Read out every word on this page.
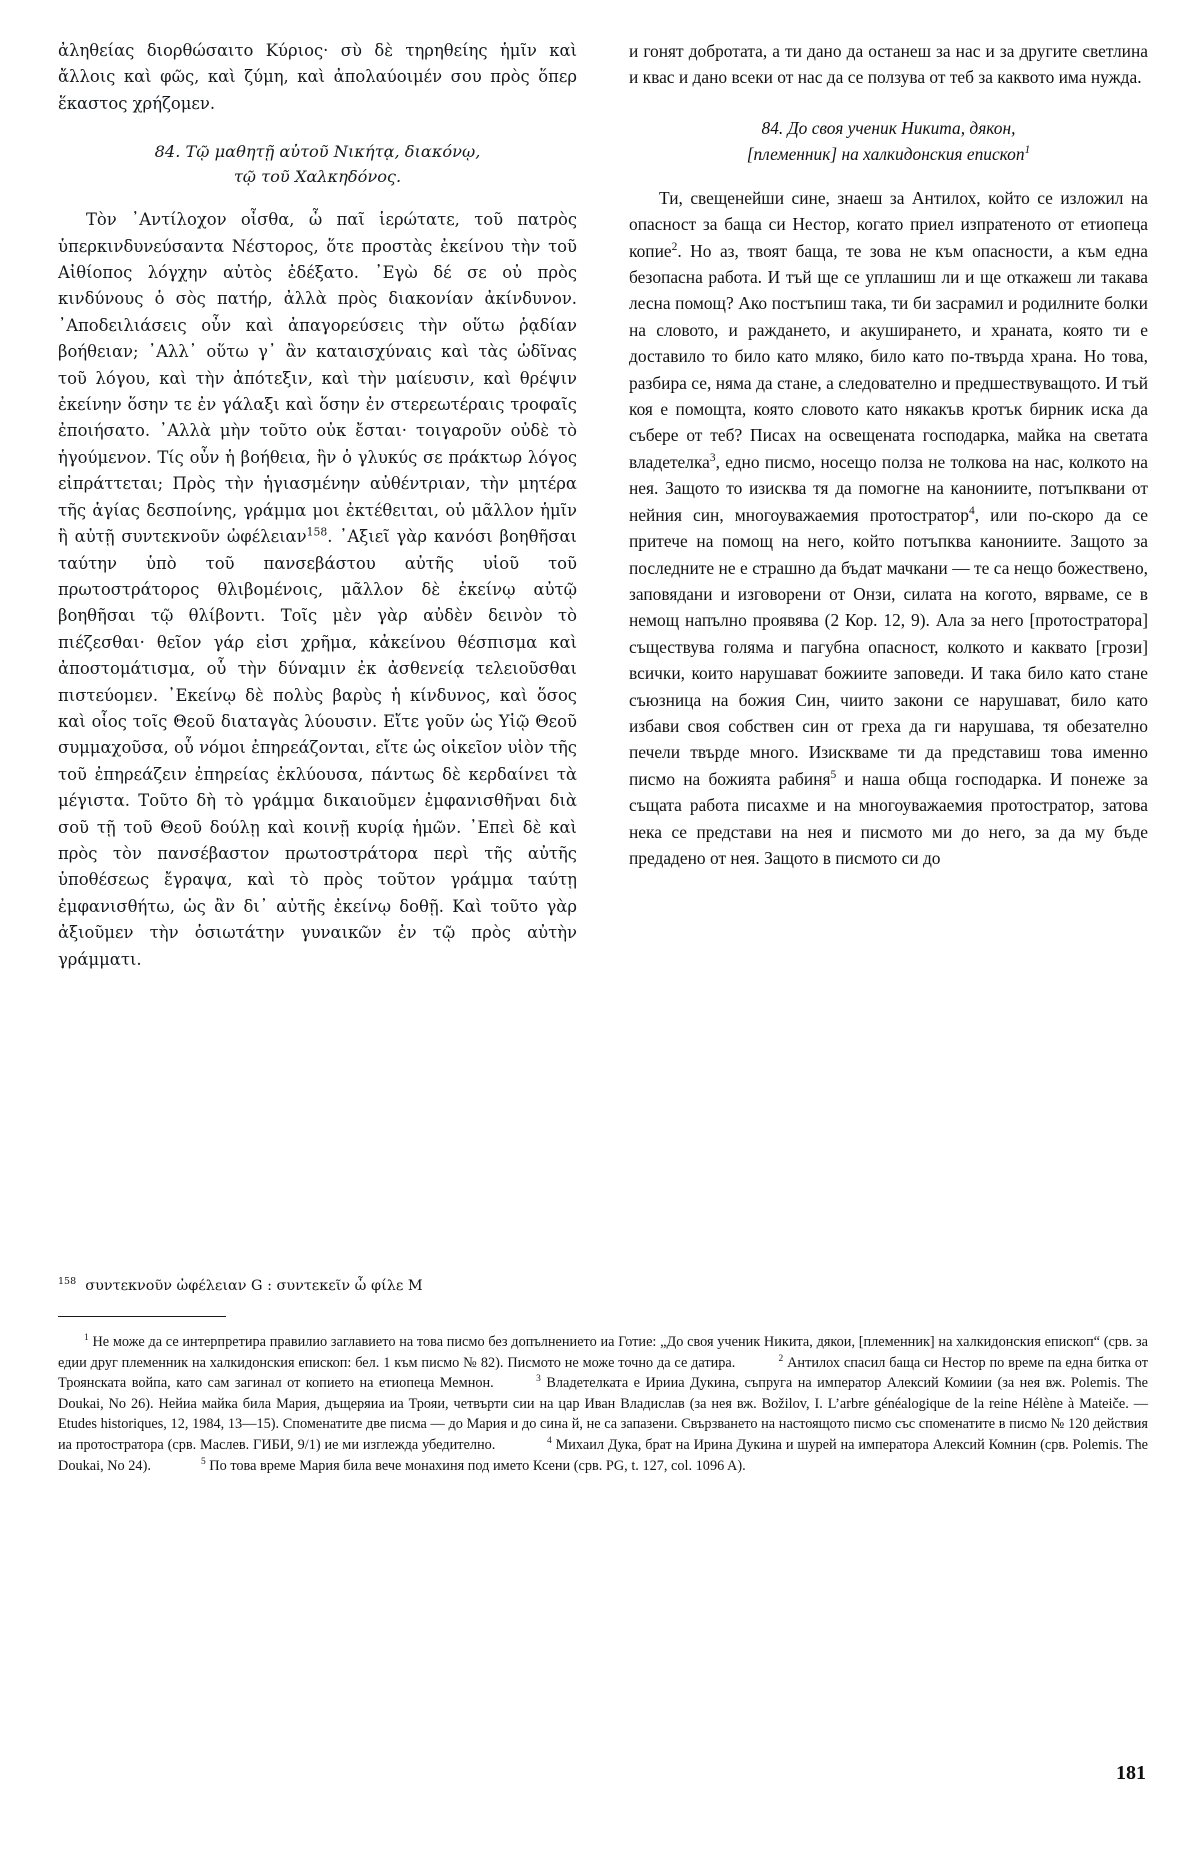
ἀληθείας διορθώσαιτο Κύριος· σὺ δὲ τηρηθείης ἡμῖν καὶ ἄλλοις καὶ φῶς, καὶ ζύμη, καὶ ἀπολαύοιμέν σου πρὸς ὅπερ ἕκαστος χρήζομεν.

84. Τῷ μαθητῇ αὐτοῦ Νικήτᾳ, διακόνῳ,
τῷ τοῦ Χαλκηδόνος.

Τὸν ᾿Αντίλοχον οἶσθα, ὦ παῖ ἱερώτατε, τοῦ πατρὸς ὑπερκινδυνεύσαντα Νέστορος, ὅτε προστὰς ἐκείνου τὴν τοῦ Αἰθίοπος λόγχην αὐτὸς ἐδέξατο. ᾿Εγὼ δέ σε οὐ πρὸς κινδύνους ὁ σὸς πατήρ, ἀλλὰ πρὸς διακονίαν ἀκίνδυνον. ᾿Αποδειλιάσεις οὖν καὶ ἀπαγορεύσεις τὴν οὕτω ῥᾳδίαν βοήθειαν; ᾿Αλλ᾽ οὕτω γ᾽ ἂν καταισχύναις καὶ τὰς ὠδῖνας τοῦ λόγου, καὶ τὴν ἀπότεξιν, καὶ τὴν μαίευσιν, καὶ θρέψιν ἐκείνην ὅσην τε ἐν γάλαξι καὶ ὅσην ἐν στερεωτέραις τροφαῖς ἐποιήσατο. ᾿Αλλὰ μὴν τοῦτο οὐκ ἔσται· τοιγαροῦν οὐδὲ τὸ ἡγούμενον. Τίς οὖν ἡ βοήθεια, ἣν ὁ γλυκύς σε πράκτωρ λόγος εἰπράττεται; Πρὸς τὴν ἡγιασμένην αὐθέντριαν, τὴν μητέρα τῆς ἁγίας δεσποίνης, γράμμα μοι ἐκτέθειται, οὐ μᾶλλον ἡμῖν ἢ αὐτῇ συντεκνοῦν ὠφέλειαν$^{158}$. ᾿Αξιεῖ γὰρ κανόσι βοηθῆσαι ταύτην ὑπὸ τοῦ πανσεβάστου αὐτῆς υἱοῦ τοῦ πρωτοστράτορος θλιβομένοις, μᾶλλον δὲ ἐκείνῳ αὐτῷ βοηθῆσαι τῷ θλίβοντι. Τοῖς μὲν γὰρ αὐδὲν δεινὸν τὸ πιέζεσθαι· θεῖον γάρ εἰσι χρῆμα, κἀκείνου θέσπισμα καὶ ἀποστομάτισμα, οὗ τὴν δύναμιν ἐκ ἀσθενείᾳ τελειοῦσθαι πιστεύομεν. ᾿Εκείνῳ δὲ πολὺς βαρὺς ἡ κίνδυνος, καὶ ὅσος καὶ οἷος τοῖς Θεοῦ διαταγὰς λύουσιν. Εἴτε γοῦν ὡς Υἱῷ Θεοῦ συμμαχοῦσα, οὗ νόμοι ἐπηρεάζονται, εἴτε ὡς οἰκεῖον υἱὸν τῆς τοῦ ἐπηρεάζειν ἐπηρείας ἐκλύουσα, πάντως δὲ κερδαίνει τὰ μέγιστα. Τοῦτο δὴ τὸ γράμμα δικαιοῦμεν ἐμφανισθῆναι διὰ σοῦ τῇ τοῦ Θεοῦ δούλῃ καὶ κοινῇ κυρίᾳ ἡμῶν. ᾿Επεὶ δὲ καὶ πρὸς τὸν πανσέβαστον πρωτοστράτορα περὶ τῆς αὐτῆς ὑποθέσεως ἔγραψα, καὶ τὸ πρὸς τοῦτον γράμμα ταύτῃ ἐμφανισθήτω, ὡς ἂν δι᾽ αὐτῆς ἐκείνῳ δοθῇ. Καὶ τοῦτο γὰρ ἀξιοῦμεν τὴν ὁσιωτάτην γυναικῶν ἐν τῷ πρὸς αὐτὴν γράμματι.

и гонят добротата, а ти дано да останеш за нас и за другите светлина и квас и дано всеки от нас да се ползува от теб за каквото има нужда.

84. До своя ученик Никита, дякон,
[племенник] на халкидонския епископ$^1$

Ти, свещенейши сине, знаеш за Антилох, който се изложил на опасност за баща си Нестор, когато приел изпратеното от етиопеца копие$^2$. Но аз, твоят баща, те зова не към опасности, а към една безопасна работа. И тъй ще се уплашиш ли и ще откажеш ли такава лесна помощ? Ако постъпиш така, ти би засрамил и родилните болки на словото, и раждането, и акуширането, и храната, която ти е доставило то било като мляко, било като по-твърда храна. Но това, разбира се, няма да стане, а следователно и предшествуващото. И тъй коя е помощта, която словото като някакъв кротък бирник иска да събере от теб? Писах на освещената господарка, майка на светата владетелка$^3$, едно писмо, носещо полза не толкова на нас, колкото на нея. Защото то изисква тя да помогне на канониите, потъпквани от нейния син, многоуважаемия протостратор$^4$, или по-скоро да се притече на помощ на него, който потъпква канониите. Защото за последните не е страшно да бъдат мачкани — те са нещо божествено, заповядани и изговорени от Онзи, силата на когото, вярваме, се в немощ напълно проявява (2 Кор. 12, 9). Ала за него [протостратора] съществува голяма и пагубна опасност, колкото и каквато [грози] всички, които нарушават божиите заповеди. И така било като стане съюзница на божия Син, чиито закони се нарушават, било като избави своя собствен син от греха да ги нарушава, тя обезателно печели твърде много. Изискваме ти да представиш това именно писмо на божията рабиня$^5$ и наша обща господарка. И понеже за същата работа писахме и на многоуважаемия протостратор, затова нека се представи на нея и писмото ми до него, за да му бъде предадено от нея. Защото в писмото си до

$^{158}$ συντεκνοῦν ὠφέλειαν G : συντεκεῖν ὦ φίλε Μ

$^1$ Не може да се интерпретира правилио заглавието на това писмо без допълнението иа Готие: „До своя ученик Никита, дякои, [племенник] на халкидонския епископ“ (срв. за едии друг племенник на халкидонския епископ: бел. 1 към писмо № 82). Писмото не може точно да се датира.			$^2$ Антилох спасил баща си Нестор по време па една битка от Троянската войпа, като сам загинал от копието на етиопеца Мемнон.			$^3$ Владетелката е Ирииа Дукина, съпруга на император Алексий Комиии (за нея вж. Polemis. The Doukai, No 26). Нейиа майка била Мария, дъщеряиа иа Трояи, четвърти сии на цар Иван Владислав (за нея вж. Božilov, I. L’arbre généalogique de la reine Hélène à Mateiče. — Etudes historiques, 12, 1984, 13—15). Споменатите две писма — до Мария и до сина й, не са запазени. Свързването на настоящото писмо със споменатите в писмо № 120 действия иа протостратора (срв. Маслев. ГИБИ, 9/1) ие ми изглежда убедително.			$^4$ Михаил Дука, брат на Ирина Дукина и шурей на императора Алексий Комнин (срв. Polemis. The Doukai, No 24).			$^5$ По това време Мария била вече монахиня под името Ксени (срв. PG, t. 127, col. 1096 A).

181
